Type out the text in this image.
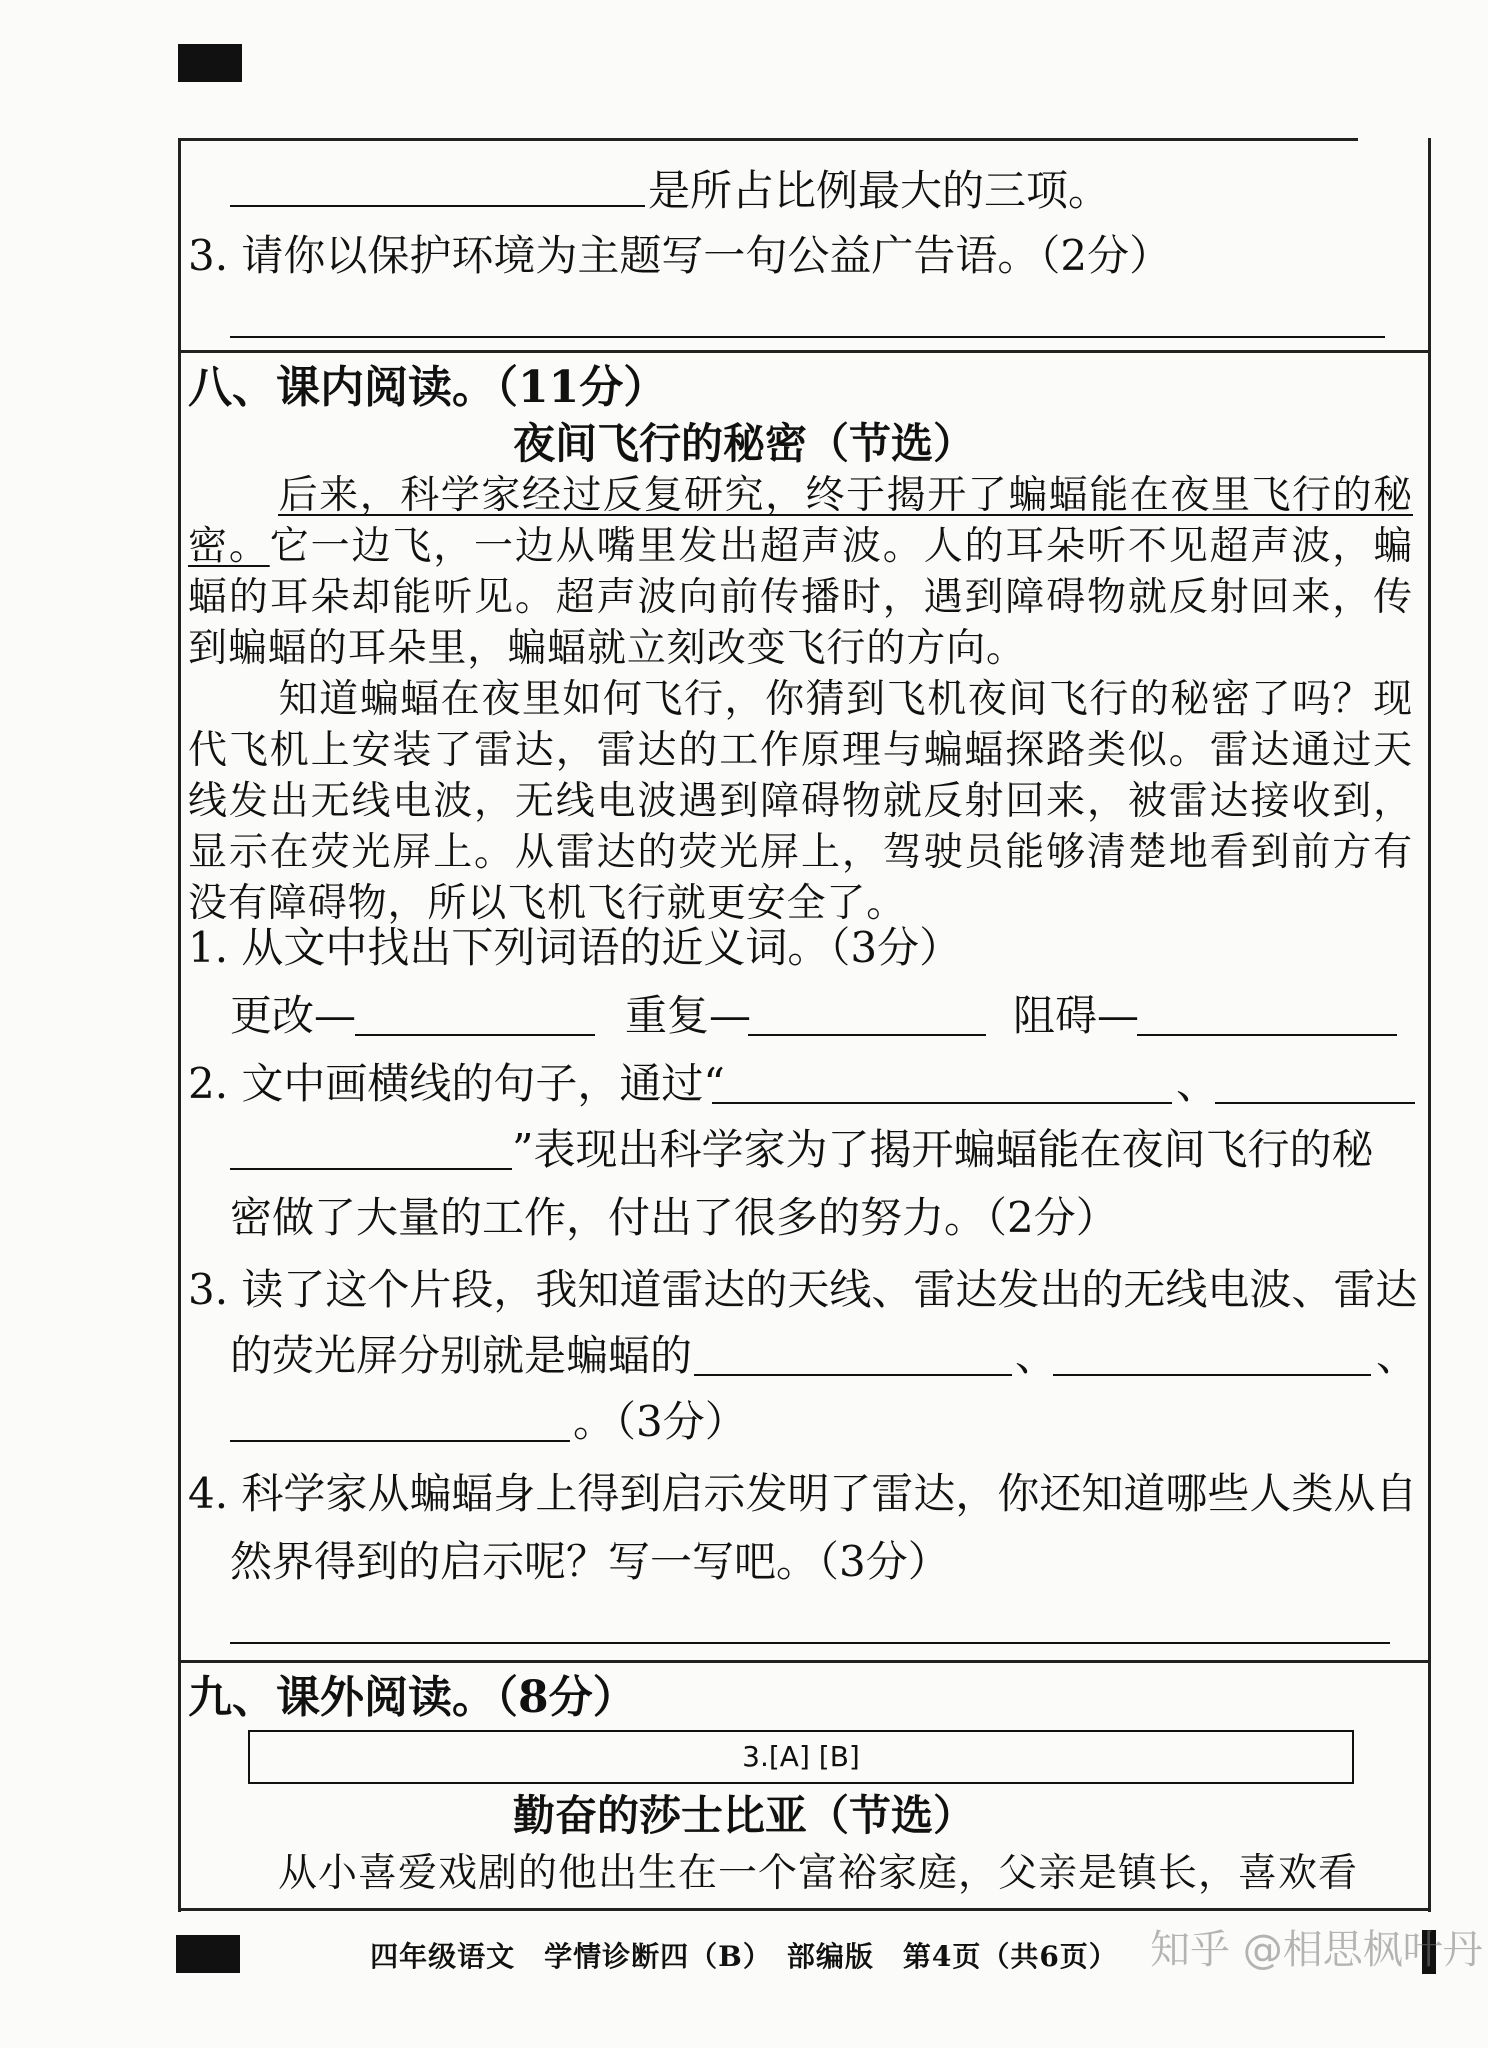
是所占比例最大的三项。
3. 请你以保护环境为主题写一句公益广告语。（2分）
八、课内阅读。（11分）
夜间飞行的秘密（节选）
后来，科学家经过反复研究，终于揭开了蝙蝠能在夜里飞行的秘密。它一边飞，一边从嘴里发出超声波。人的耳朵听不见超声波，蝙蝠的耳朵却能听见。超声波向前传播时，遇到障碍物就反射回来，传到蝙蝠的耳朵里，蝙蝠就立刻改变飞行的方向。
知道蝙蝠在夜里如何飞行，你猜到飞机夜间飞行的秘密了吗？现代飞机上安装了雷达，雷达的工作原理与蝙蝠探路类似。雷达通过天线发出无线电波，无线电波遇到障碍物就反射回来，被雷达接收到，显示在荧光屏上。从雷达的荧光屏上，驾驶员能够清楚地看到前方有没有障碍物，所以飞机飞行就更安全了。
1. 从文中找出下列词语的近义词。（3分）
更改—	重复—	阻碍—
2. 文中画横线的句子，通过“	、
”表现出科学家为了揭开蝙蝠能在夜间飞行的秘
密做了大量的工作，付出了很多的努力。（2分）
3. 读了这个片段，我知道雷达的天线、雷达发出的无线电波、雷达
的荧光屏分别就是蝙蝠的	、	、
。（3分）
4. 科学家从蝙蝠身上得到启示发明了雷达，你还知道哪些人类从自
然界得到的启示呢？写一写吧。（3分）
九、课外阅读。（8分）
3.[A] [B]
勤奋的莎士比亚（节选）
从小喜爱戏剧的他出生在一个富裕家庭，父亲是镇长，喜欢看
四年级语文　学情诊断四（B）　部编版　第4页（共6页） 知乎 @相思枫叶丹
